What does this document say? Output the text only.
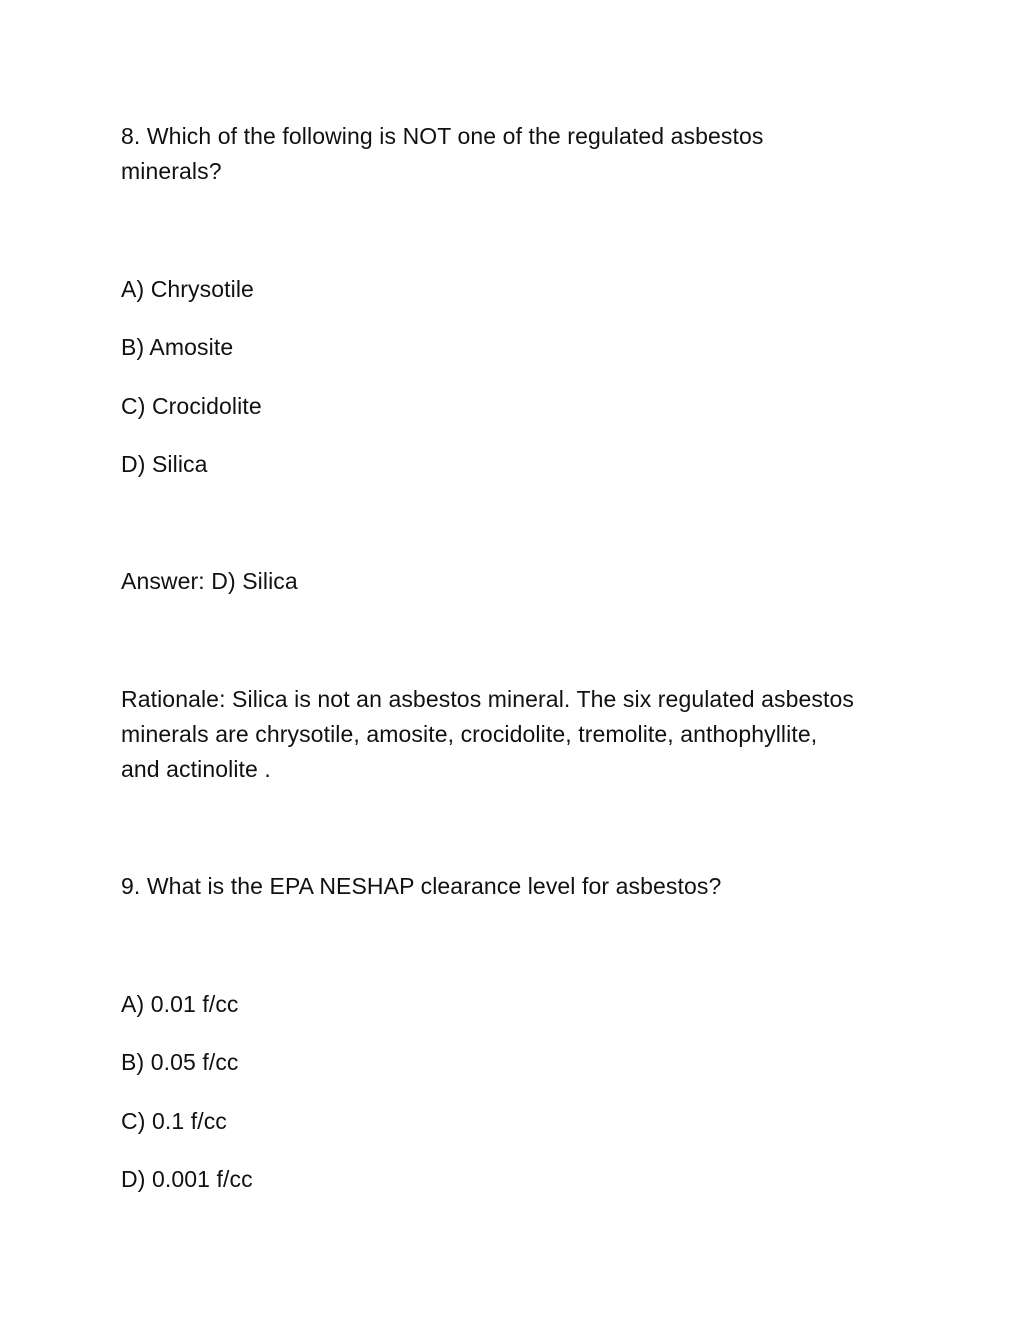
8. Which of the following is NOT one of the regulated asbestos
minerals?
A) Chrysotile
B) Amosite
C) Crocidolite
D) Silica
Answer: D) Silica
Rationale: Silica is not an asbestos mineral. The six regulated asbestos
minerals are chrysotile, amosite, crocidolite, tremolite, anthophyllite,
and actinolite .
9. What is the EPA NESHAP clearance level for asbestos?
A) 0.01 f/cc
B) 0.05 f/cc
C) 0.1 f/cc
D) 0.001 f/cc
